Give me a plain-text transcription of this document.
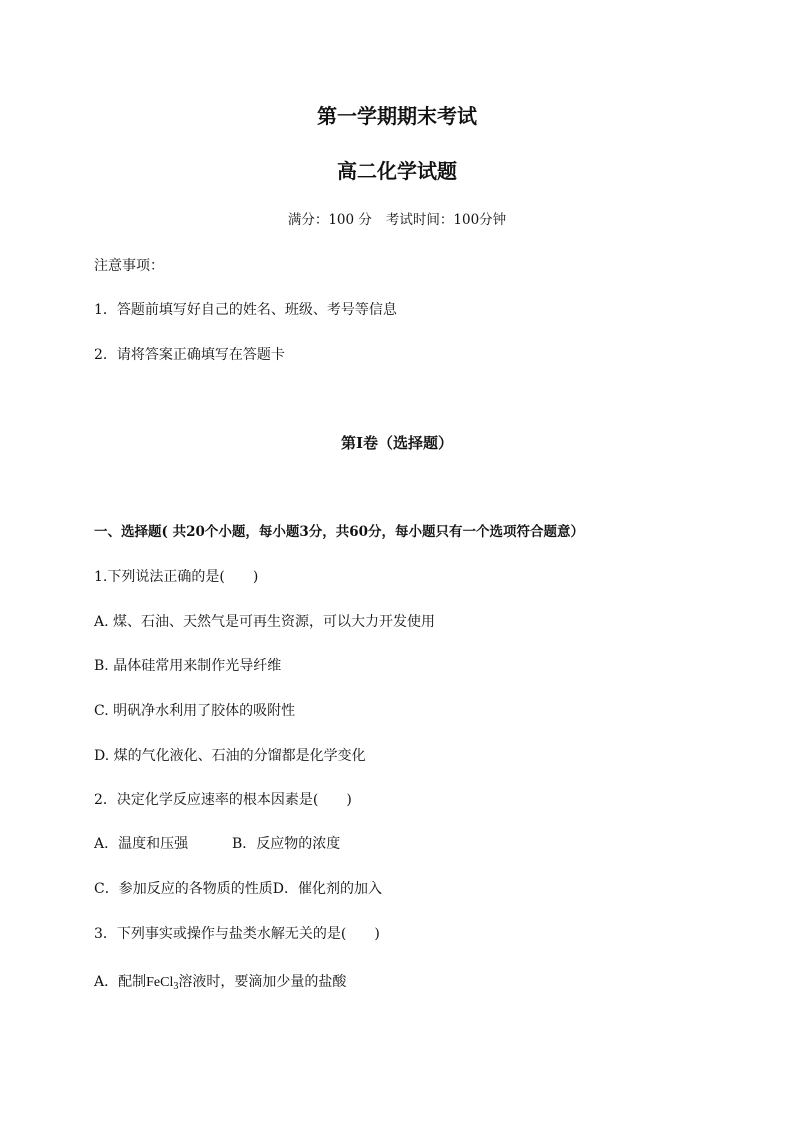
第一学期期末考试
高二化学试题
满分：100 分 考试时间：100分钟
注意事项：
1．答题前填写好自己的姓名、班级、考号等信息
2．请将答案正确填写在答题卡
第Ⅰ卷（选择题）
一、选择题( 共20个小题，每小题3分，共60分，每小题只有一个选项符合题意）
1.下列说法正确的是(　　)
A. 煤、石油、天然气是可再生资源，可以大力开发使用
B. 晶体硅常用来制作光导纤维
C. 明矾净水利用了胶体的吸附性
D. 煤的气化液化、石油的分馏都是化学变化
2．决定化学反应速率的根本因素是(　　)
A．温度和压强	B．反应物的浓度
C．参加反应的各物质的性质D．催化剂的加入
3．下列事实或操作与盐类水解无关的是(　　)
A．配制FeCl$_3$溶液时，要滴加少量的盐酸
